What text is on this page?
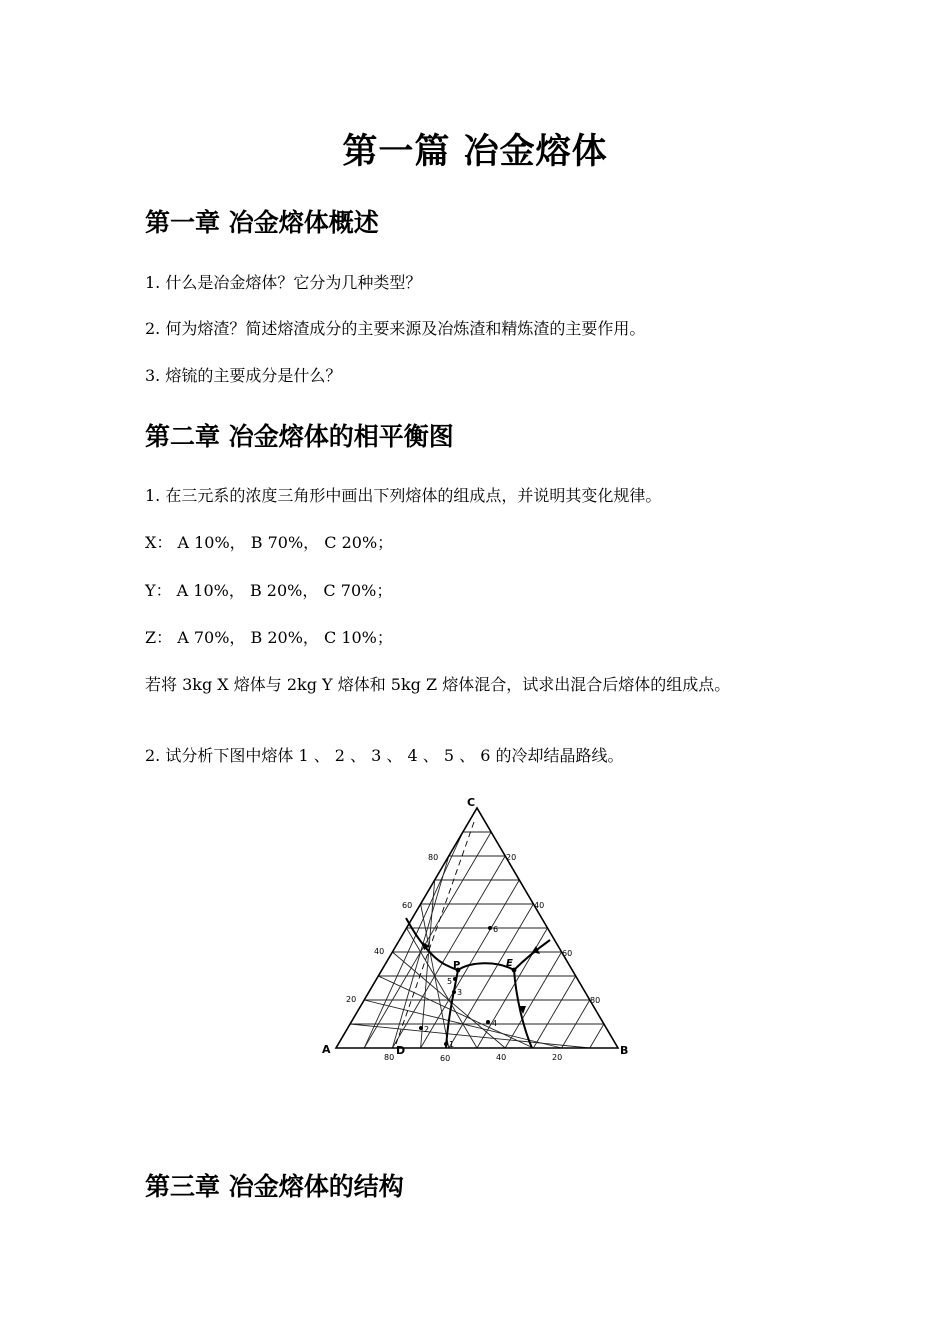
第一篇 冶金熔体
第一章 冶金熔体概述
1. 什么是冶金熔体？它分为几种类型？
2. 何为熔渣？简述熔渣成分的主要来源及冶炼渣和精炼渣的主要作用。
3. 熔锍的主要成分是什么？
第二章 冶金熔体的相平衡图
1. 在三元系的浓度三角形中画出下列熔体的组成点，并说明其变化规律。
X： A 10%， B 70%， C 20%；
Y： A 10%， B 20%， C 70%；
Z： A 70%， B 20%， C 10%；
若将 3kg X 熔体与 2kg Y 熔体和 5kg Z 熔体混合，试求出混合后熔体的组成点。
2. 试分析下图中熔体 1 、 2 、 3 、 4 、 5 、 6 的冷却结晶路线。
C
A	B
D
P	E
80
60
40
20
20
40
60
80
80	60	40	20
1
2
3
4
5
6
第三章 冶金熔体的结构
